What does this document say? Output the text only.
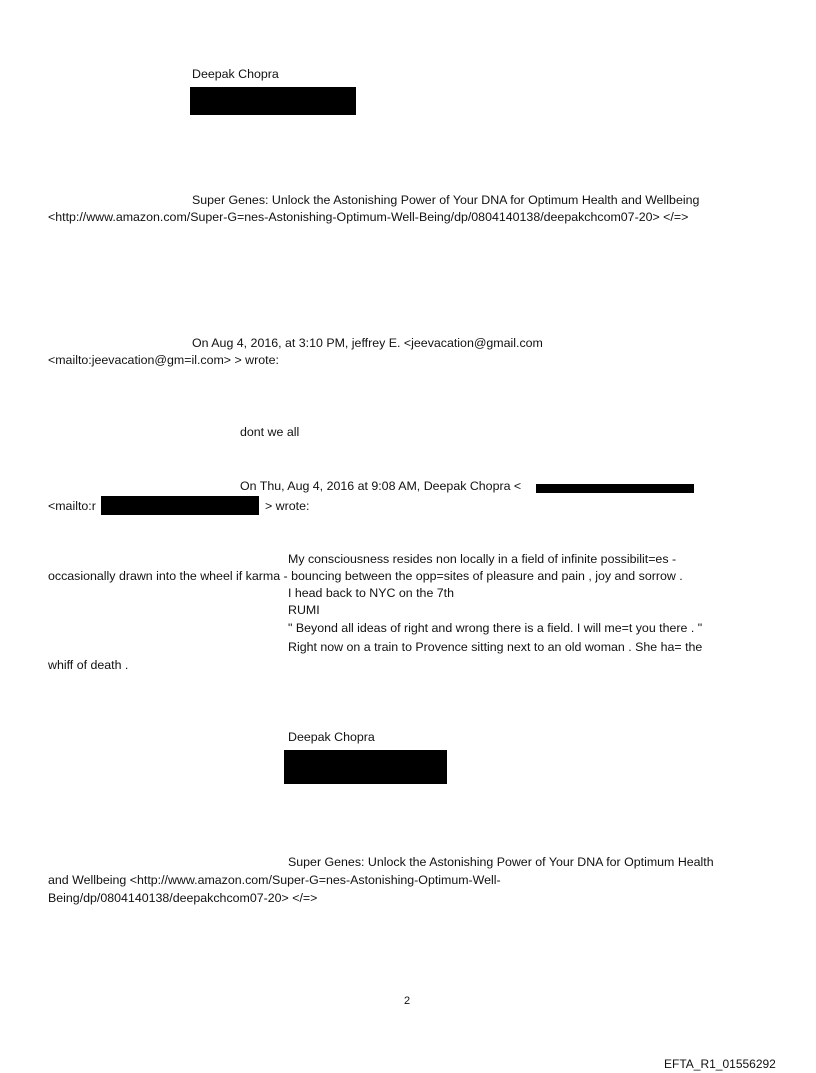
Deepak Chopra
Super Genes: Unlock the Astonishing Power of Your DNA for Optimum Health and Wellbeing
<http://www.amazon.com/Super-G=nes-Astonishing-Optimum-Well-Being/dp/0804140138/deepakchcom07-20> </=>
On Aug 4, 2016, at 3:10 PM, jeffrey E. <jeevacation@gmail.com
<mailto:jeevacation@gm=il.com> > wrote:
dont we all
On Thu, Aug 4, 2016 at 9:08 AM, Deepak Chopra <
<mailto:r	> wrote:
My consciousness resides non locally in a field of infinite possibilit=es -
occasionally drawn into the wheel if karma - bouncing between the opp=sites of pleasure and pain , joy and sorrow .
I head back to NYC on the 7th
RUMI
" Beyond all ideas of right and wrong there is a field. I will me=t you there . "
Right now on a train to Provence sitting next to an old woman . She ha= the
whiff of death .
Deepak Chopra
Super Genes: Unlock the Astonishing Power of Your DNA for Optimum Health
and Wellbeing <http://www.amazon.com/Super-G=nes-Astonishing-Optimum-Well-
Being/dp/0804140138/deepakchcom07-20> </=>
2
EFTA_R1_01556292
